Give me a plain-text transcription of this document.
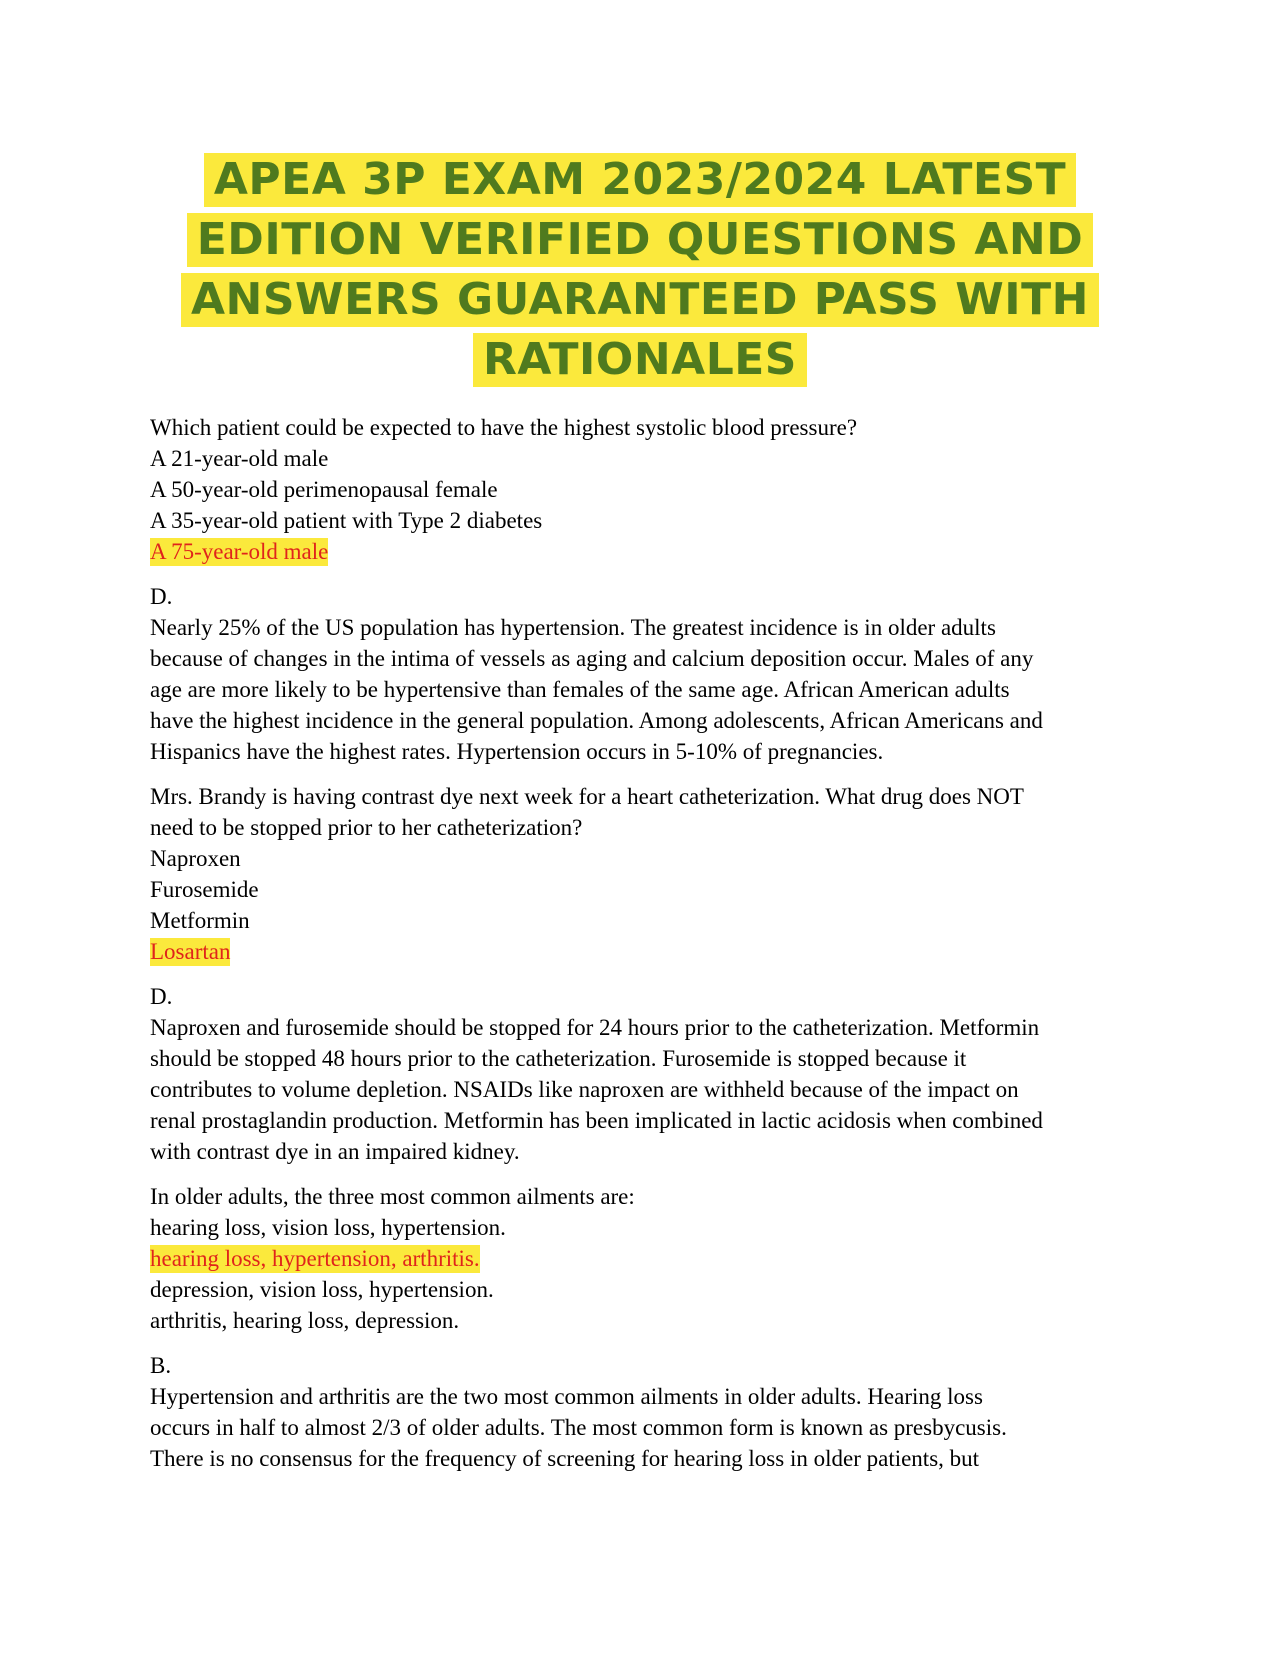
APEA 3P EXAM 2023/2024 LATEST
EDITION VERIFIED QUESTIONS AND
ANSWERS GUARANTEED PASS WITH
RATIONALES
Which patient could be expected to have the highest systolic blood pressure?
A 21-year-old male
A 50-year-old perimenopausal female
A 35-year-old patient with Type 2 diabetes
A 75-year-old male
D.
Nearly 25% of the US population has hypertension. The greatest incidence is in older adults
because of changes in the intima of vessels as aging and calcium deposition occur. Males of any
age are more likely to be hypertensive than females of the same age. African American adults
have the highest incidence in the general population. Among adolescents, African Americans and
Hispanics have the highest rates. Hypertension occurs in 5-10% of pregnancies.
Mrs. Brandy is having contrast dye next week for a heart catheterization. What drug does NOT
need to be stopped prior to her catheterization?
Naproxen
Furosemide
Metformin
Losartan
D.
Naproxen and furosemide should be stopped for 24 hours prior to the catheterization. Metformin
should be stopped 48 hours prior to the catheterization. Furosemide is stopped because it
contributes to volume depletion. NSAIDs like naproxen are withheld because of the impact on
renal prostaglandin production. Metformin has been implicated in lactic acidosis when combined
with contrast dye in an impaired kidney.
In older adults, the three most common ailments are:
hearing loss, vision loss, hypertension.
hearing loss, hypertension, arthritis.
depression, vision loss, hypertension.
arthritis, hearing loss, depression.
B.
Hypertension and arthritis are the two most common ailments in older adults. Hearing loss
occurs in half to almost 2/3 of older adults. The most common form is known as presbycusis.
There is no consensus for the frequency of screening for hearing loss in older patients, but
